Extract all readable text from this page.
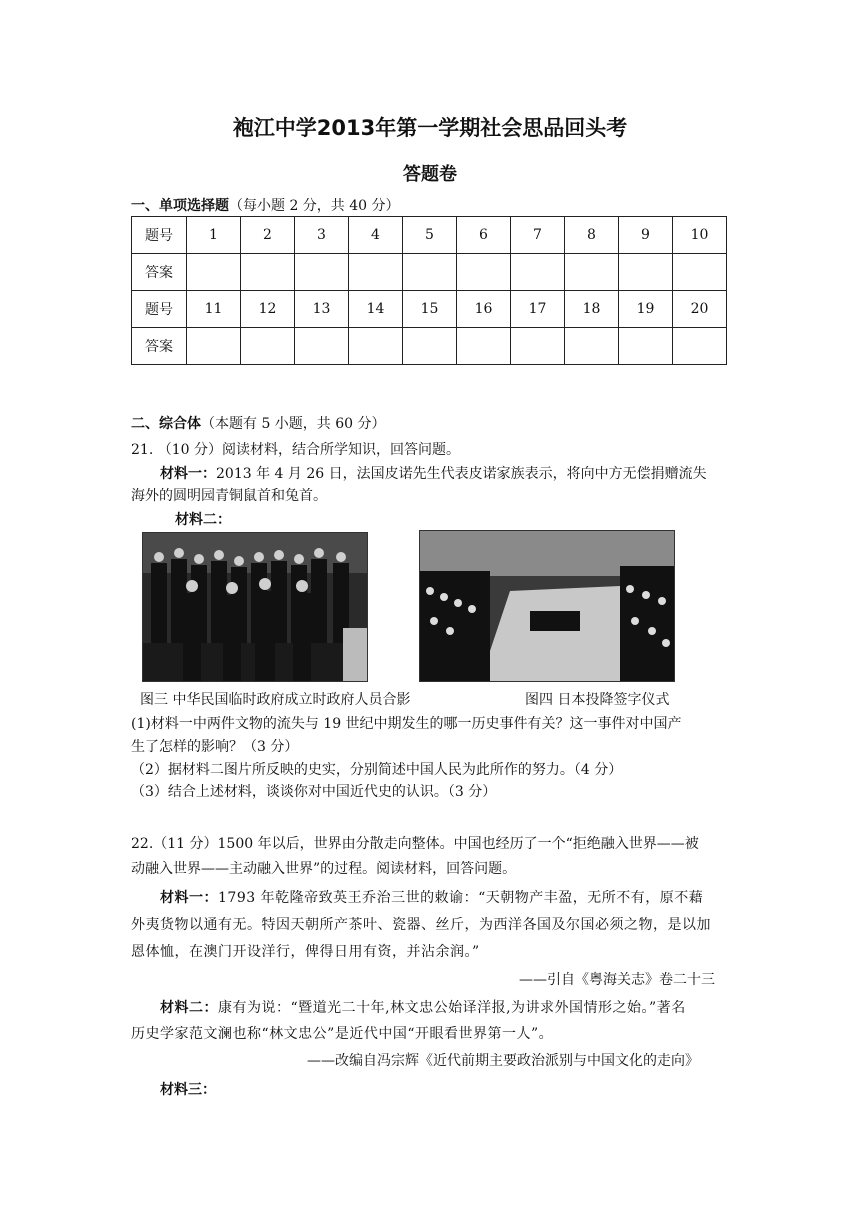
袍江中学2013年第一学期社会思品回头考
答题卷
一、单项选择题（每小题 2 分，共 40 分）
题号	1	2	3	4	5	6	7	8	9	10
答案										
题号	11	12	13	14	15	16	17	18	19	20
答案										
二、综合体（本题有 5 小题，共 60 分）
21. （10 分）阅读材料，结合所学知识，回答问题。
材料一：2013 年 4 月 26 日，法国皮诺先生代表皮诺家族表示，将向中方无偿捐赠流失
海外的圆明园青铜鼠首和兔首。
材料二：
图三 中华民国临时政府成立时政府人员合影	图四 日本投降签字仪式
(1)材料一中两件文物的流失与 19 世纪中期发生的哪一历史事件有关？这一事件对中国产
生了怎样的影响？（3 分）
（2）据材料二图片所反映的史实，分别简述中国人民为此所作的努力。（4 分）
（3）结合上述材料，谈谈你对中国近代史的认识。（3 分）
22.（11 分）1500 年以后，世界由分散走向整体。中国也经历了一个“拒绝融入世界——被
动融入世界——主动融入世界”的过程。阅读材料，回答问题。
材料一：1793 年乾隆帝致英王乔治三世的敕谕：“天朝物产丰盈，无所不有，原不藉
外夷货物以通有无。特因天朝所产茶叶、瓷器、丝斤，为西洋各国及尔国必须之物，是以加
恩体恤，在澳门开设洋行，俾得日用有资，并沾余润。”
——引自《粤海关志》卷二十三
材料二：康有为说：“暨道光二十年,林文忠公始译洋报,为讲求外国情形之始。”著名
历史学家范文澜也称“林文忠公”是近代中国“开眼看世界第一人”。
——改编自冯宗辉《近代前期主要政治派别与中国文化的走向》
材料三：
